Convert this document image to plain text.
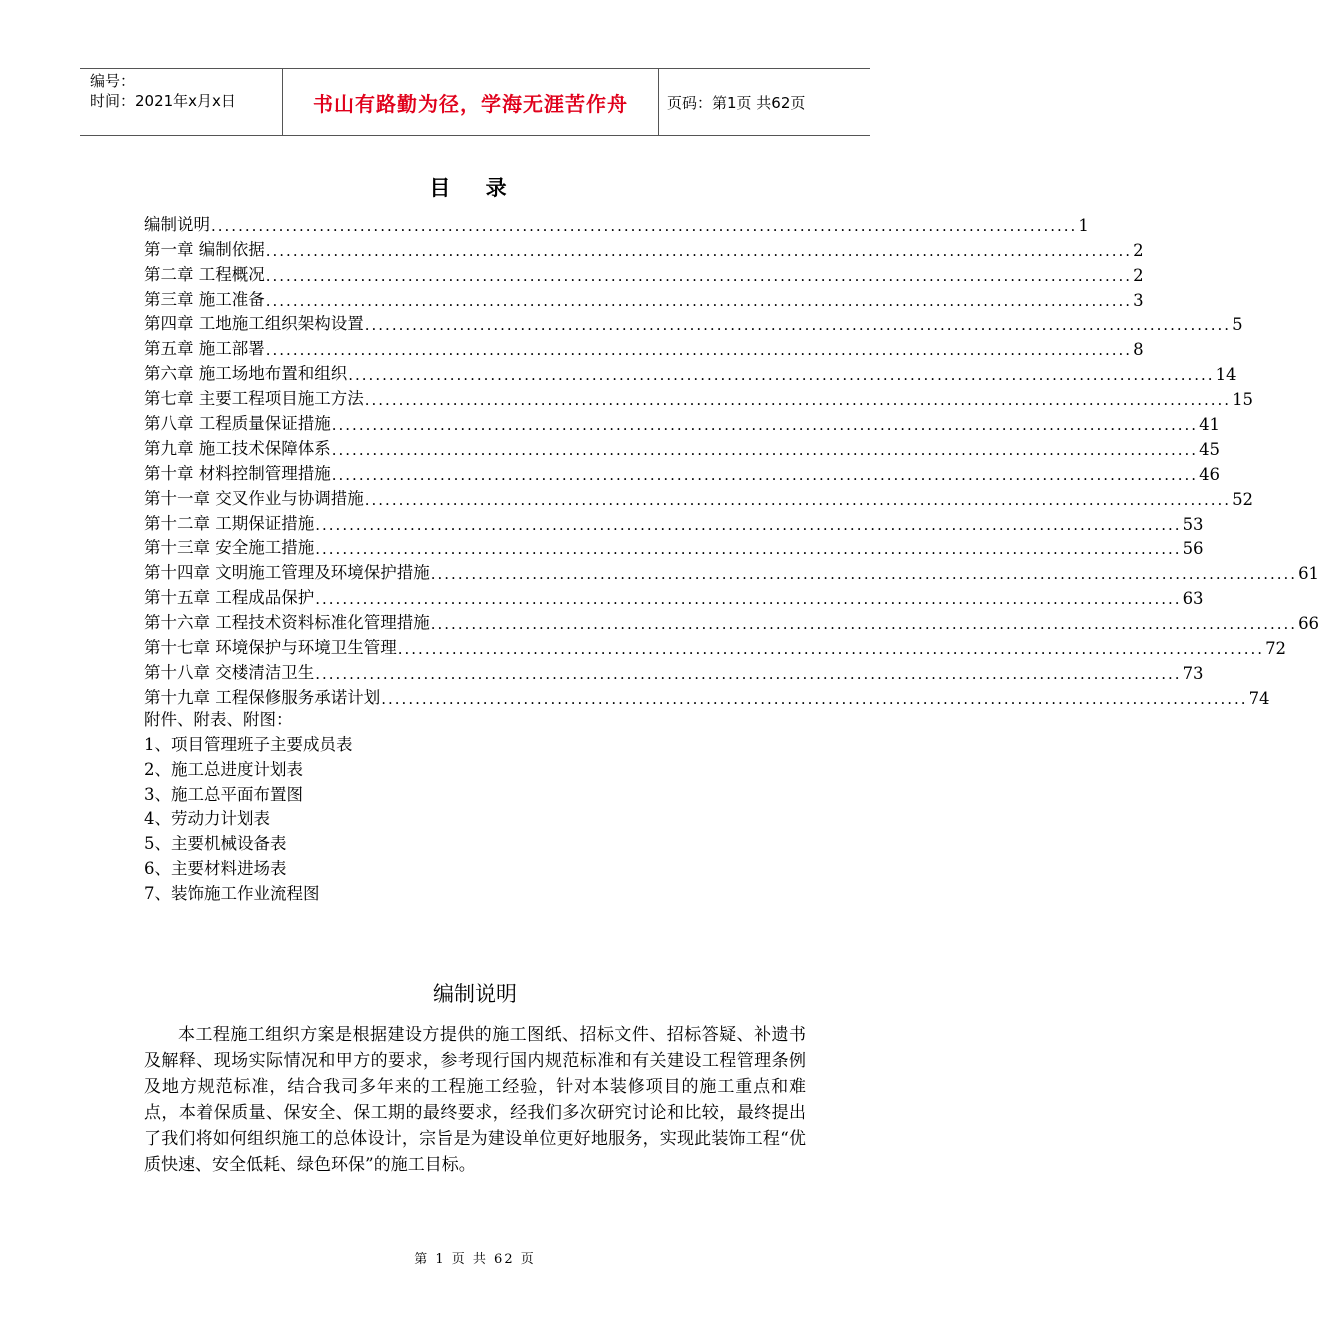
编号：
时间：2021年x月x日	书山有路勤为径，学海无涯苦作舟	页码：第1页 共62页
目 录
编制说明 ................................................................................................................................ 1
第一章 编制依据 ................................................................................................................................ 2
第二章 工程概况 ................................................................................................................................ 2
第三章 施工准备 ................................................................................................................................ 3
第四章 工地施工组织架构设置 ................................................................................................................................ 5
第五章 施工部署 ................................................................................................................................ 8
第六章 施工场地布置和组织 ................................................................................................................................ 14
第七章 主要工程项目施工方法 ................................................................................................................................ 15
第八章 工程质量保证措施 ................................................................................................................................ 41
第九章 施工技术保障体系 ................................................................................................................................ 45
第十章 材料控制管理措施 ................................................................................................................................ 46
第十一章 交叉作业与协调措施 ................................................................................................................................ 52
第十二章 工期保证措施 ................................................................................................................................ 53
第十三章 安全施工措施 ................................................................................................................................ 56
第十四章 文明施工管理及环境保护措施 ................................................................................................................................ 61
第十五章 工程成品保护 ................................................................................................................................ 63
第十六章 工程技术资料标准化管理措施 ................................................................................................................................ 66
第十七章 环境保护与环境卫生管理 ................................................................................................................................ 72
第十八章 交楼清洁卫生 ................................................................................................................................ 73
第十九章 工程保修服务承诺计划 ................................................................................................................................ 74
附件、附表、附图：
1、项目管理班子主要成员表
2、施工总进度计划表
3、施工总平面布置图
4、劳动力计划表
5、主要机械设备表
6、主要材料进场表
7、装饰施工作业流程图
编制说明
本工程施工组织方案是根据建设方提供的施工图纸、招标文件、招标答疑、补遗书及解释、现场实际情况和甲方的要求，参考现行国内规范标准和有关建设工程管理条例及地方规范标准，结合我司多年来的工程施工经验，针对本装修项目的施工重点和难点，本着保质量、保安全、保工期的最终要求，经我们多次研究讨论和比较，最终提出了我们将如何组织施工的总体设计，宗旨是为建设单位更好地服务，实现此装饰工程“优质快速、安全低耗、绿色环保”的施工目标。
第 1 页 共 62 页
